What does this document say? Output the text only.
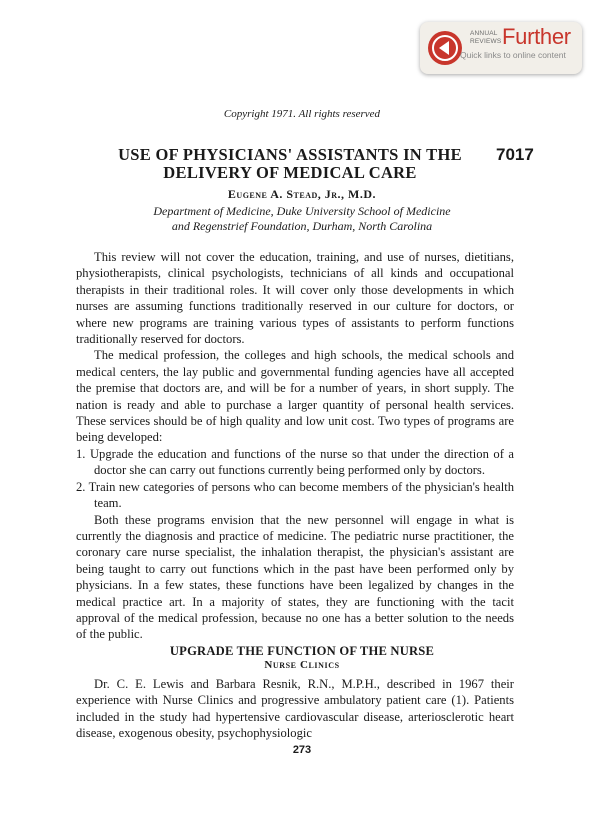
ANNUAL
REVIEWS Further
Quick links to online content
Copyright 1971. All rights reserved
7017
USE OF PHYSICIANS' ASSISTANTS IN THE
DELIVERY OF MEDICAL CARE
Eugene A. Stead, Jr., M.D.
Department of Medicine, Duke University School of Medicine
and Regenstrief Foundation, Durham, North Carolina

This review will not cover the education, training, and use of nurses, dietitians, physiotherapists, clinical psychologists, technicians of all kinds and occupational therapists in their traditional roles. It will cover only those developments in which nurses are assuming functions traditionally reserved in our culture for doctors, or where new programs are training various types of assistants to perform functions traditionally reserved for doctors.

The medical profession, the colleges and high schools, the medical schools and medical centers, the lay public and governmental funding agencies have all accepted the premise that doctors are, and will be for a number of years, in short supply. The nation is ready and able to purchase a larger quantity of personal health services. These services should be of high quality and low unit cost. Two types of programs are being developed:

1. Upgrade the education and functions of the nurse so that under the direction of a doctor she can carry out functions currently being performed only by doctors.

2. Train new categories of persons who can become members of the physician's health team.

Both these programs envision that the new personnel will engage in what is currently the diagnosis and practice of medicine. The pediatric nurse practitioner, the coronary care nurse specialist, the inhalation therapist, the physician's assistant are being taught to carry out functions which in the past have been performed only by physicians. In a few states, these functions have been legalized by changes in the medical practice art. In a majority of states, they are functioning with the tacit approval of the medical profession, because no one has a better solution to the needs of the public.

UPGRADE THE FUNCTION OF THE NURSE
Nurse Clinics

Dr. C. E. Lewis and Barbara Resnik, R.N., M.P.H., described in 1967 their experience with Nurse Clinics and progressive ambulatory patient care (1). Patients included in the study had hypertensive cardiovascular disease, arteriosclerotic heart disease, exogenous obesity, psychophysiologic

273
